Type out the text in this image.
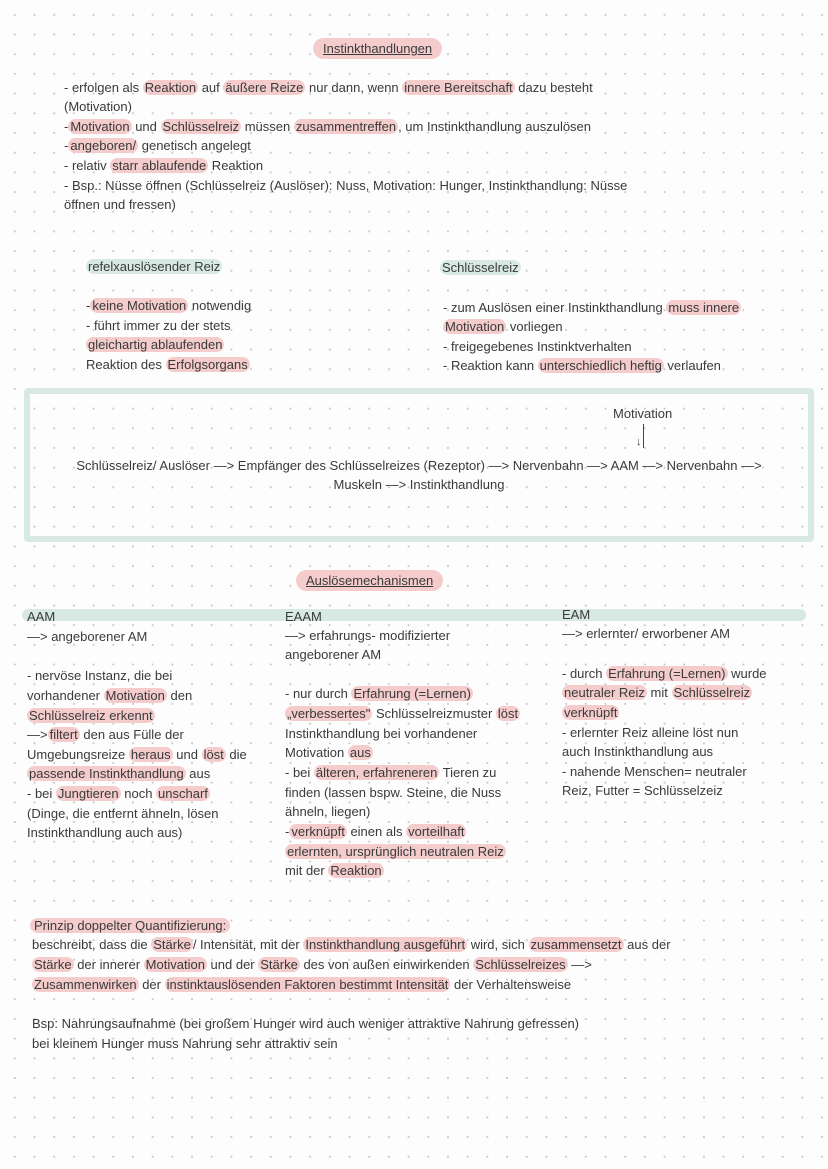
Instinkthandlungen
- erfolgen als Reaktion auf äußere Reize nur dann, wenn innere Bereitschaft dazu besteht
(Motivation)
- Motivation und Schlüsselreiz müssen zusammentreffen , um Instinkthandlung auszulösen
- angeboren/ genetisch angelegt
- relativ starr ablaufende Reaktion
- Bsp.: Nüsse öffnen (Schlüsselreiz (Auslöser): Nuss, Motivation: Hunger, Instinkthandlung: Nüsse
öffnen und fressen)
refelxauslösender Reiz
- keine Motivation notwendig
- führt immer zu der stets
gleichartig ablaufenden
Reaktion des Erfolgsorgans
Schlüsselreiz
- zum Auslösen einer Instinkthandlung muss innere
Motivation vorliegen
- freigegebenes Instinktverhalten
- Reaktion kann unterschiedlich heftig verlaufen
Motivation
↓
Schlüsselreiz/ Auslöser —> Empfänger des Schlüsselreizes (Rezeptor) —> Nervenbahn —> AAM —> Nervenbahn —>
Muskeln —> Instinkthandlung
Auslösemechanismen
AAM
—> angeborener AM
- nervöse Instanz, die bei
vorhandener Motivation den
Schlüsselreiz erkennt
—> filtert den aus Fülle der
Umgebungsreize heraus und löst die
passende Instinkthandlung aus
- bei Jungtieren noch unscharf
(Dinge, die entfernt ähneln, lösen
Instinkthandlung auch aus)
EAAM
—> erfahrungs- modifizierter
angeborener AM
- nur durch Erfahrung (=Lernen)
„verbessertes" Schlüsselreizmuster löst
Instinkthandlung bei vorhandener
Motivation aus
- bei älteren, erfahreneren Tieren zu
finden (lassen bspw. Steine, die Nuss
ähneln, liegen)
- verknüpft einen als vorteilhaft
erlernten, ursprünglich neutralen Reiz
mit der Reaktion
EAM
—> erlernter/ erworbener AM
- durch Erfahrung (=Lernen) wurde
neutraler Reiz mit Schlüsselreiz
verknüpft
- erlernter Reiz alleine löst nun
auch Instinkthandlung aus
- nahende Menschen= neutraler
Reiz, Futter = Schlüsselzeiz
Prinzip doppelter Quantifizierung:
beschreibt, dass die Stärke / Intensität, mit der Instinkthandlung ausgeführt wird, sich zusammensetzt aus der
Stärke der innerer Motivation und der Stärke des von außen einwirkenden Schlüsselreizes —>
Zusammenwirken der instinktauslösenden Faktoren bestimmt Intensität der Verhaltensweise
Bsp: Nahrungsaufnahme (bei großem Hunger wird auch weniger attraktive Nahrung gefressen)
bei kleinem Hunger muss Nahrung sehr attraktiv sein
